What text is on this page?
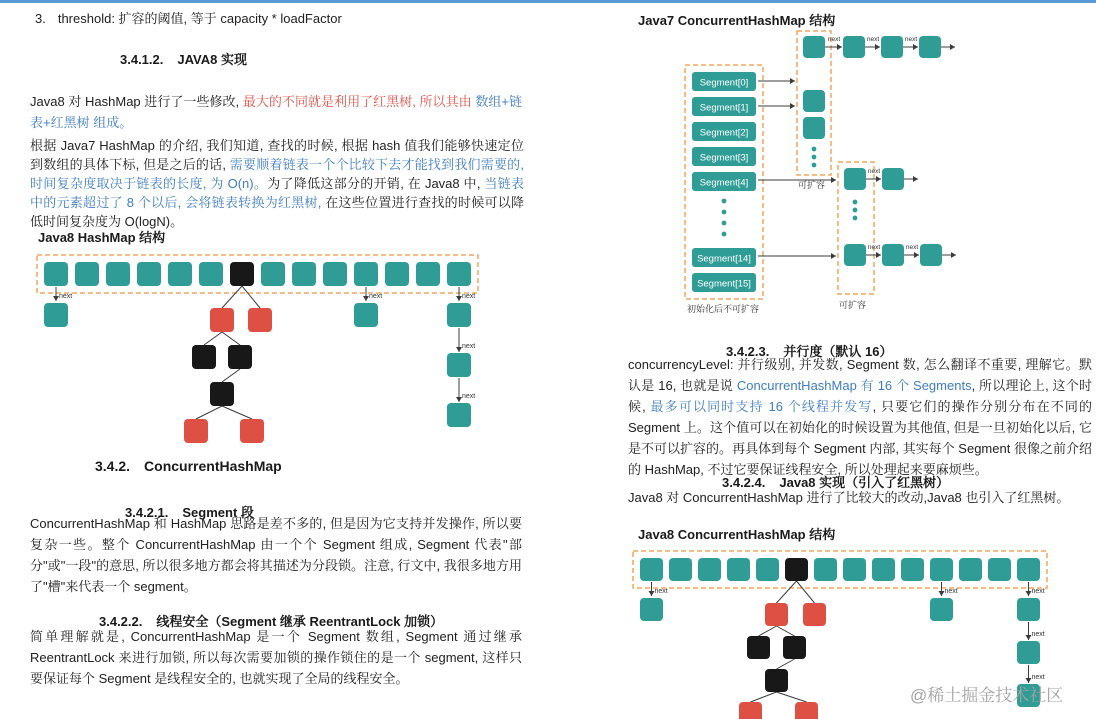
3. threshold: 扩容的阈值, 等于 capacity * loadFactor
3.4.1.2. JAVA8 实现

Java8 对 HashMap 进行了一些修改, 最大的不同就是利用了红黑树, 所以其由 数组+链表+红黑树 组成。

根据 Java7 HashMap 的介绍, 我们知道, 查找的时候, 根据 hash 值我们能够快速定位到数组的具体下标, 但是之后的话, 需要顺着链表一个个比较下去才能找到我们需要的, 时间复杂度取决于链表的长度, 为 O(n)。为了降低这部分的开销, 在 Java8 中, 当链表中的元素超过了 8 个以后, 会将链表转换为红黑树, 在这些位置进行查找的时候可以降低时间复杂度为 O(logN)。

Java8 HashMap 结构
next	next	next
next
next
3.4.2. ConcurrentHashMap
3.4.2.1. Segment 段

ConcurrentHashMap 和 HashMap 思路是差不多的, 但是因为它支持并发操作, 所以要复杂一些。整个 ConcurrentHashMap 由一个个 Segment 组成, Segment 代表"部分"或"一段"的意思, 所以很多地方都会将其描述为分段锁。注意, 行文中, 我很多地方用了"槽"来代表一个 segment。

3.4.2.2. 线程安全（Segment 继承 ReentrantLock 加锁）

简单理解就是, ConcurrentHashMap 是一个 Segment 数组, Segment 通过继承 ReentrantLock 来进行加锁, 所以每次需要加锁的操作锁住的是一个 segment, 这样只要保证每个 Segment 是线程安全的, 也就实现了全局的线程安全。

Java7 ConcurrentHashMap 结构
Segment[0]
Segment[1]
Segment[2]
Segment[3]
Segment[4]
Segment[14]
Segment[15]
初始化后不可扩容
可扩容
next	next	next
可扩容
next
next	next
3.4.2.3. 并行度（默认 16）

concurrencyLevel: 并行级别, 并发数, Segment 数, 怎么翻译不重要, 理解它。默认是 16, 也就是说 ConcurrentHashMap 有 16 个 Segments, 所以理论上, 这个时候, 最多可以同时支持 16 个线程并发写, 只要它们的操作分别分布在不同的 Segment 上。这个值可以在初始化的时候设置为其他值, 但是一旦初始化以后, 它是不可以扩容的。再具体到每个 Segment 内部, 其实每个 Segment 很像之前介绍的 HashMap, 不过它要保证线程安全, 所以处理起来要麻烦些。

3.4.2.4. Java8 实现（引入了红黑树）

Java8 对 ConcurrentHashMap 进行了比较大的改动,Java8 也引入了红黑树。

Java8 ConcurrentHashMap 结构
next	next	next
next
next
@稀土掘金技术社区
